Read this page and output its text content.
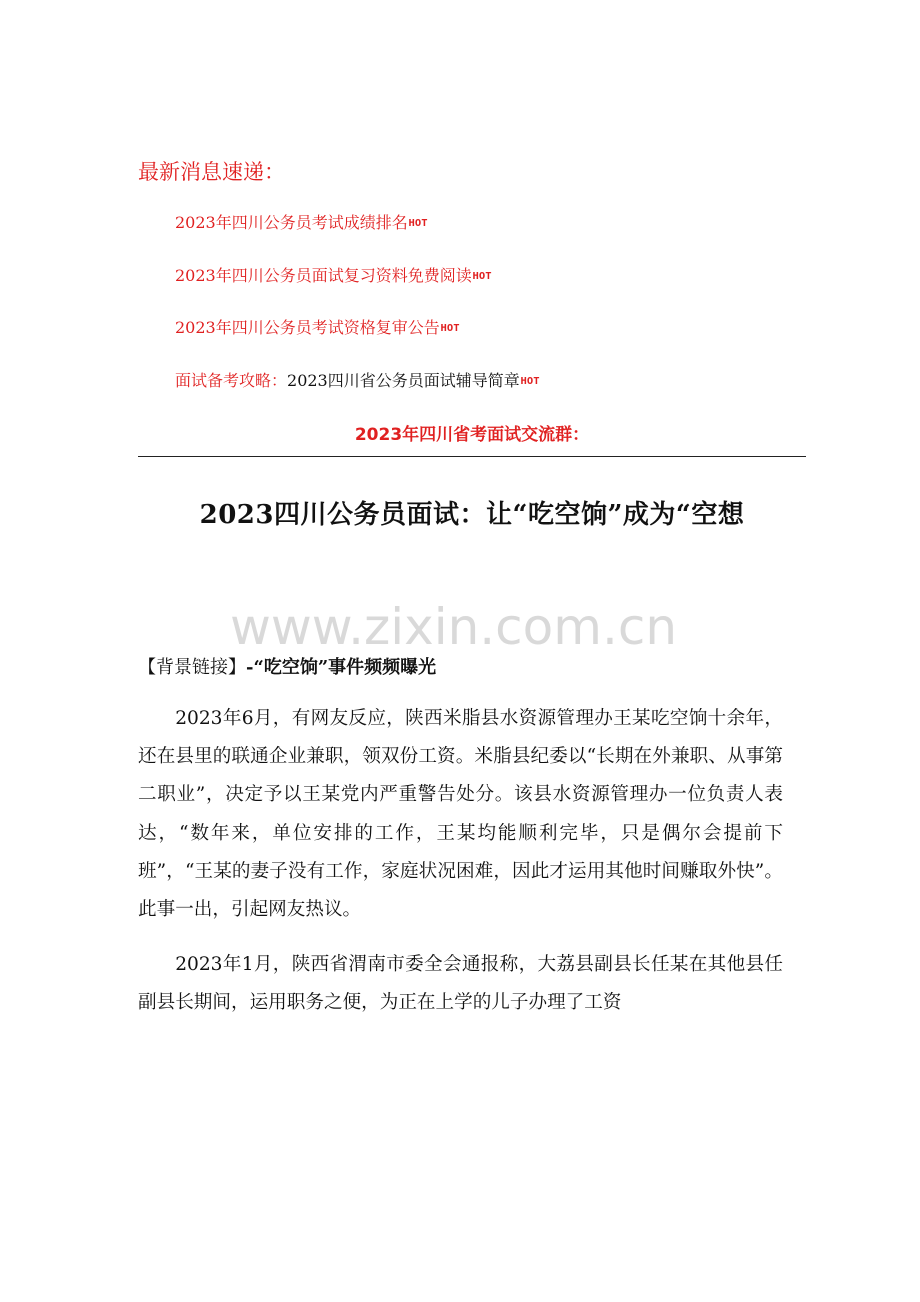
最新消息速递：
2023年四川公务员考试成绩排名HOT
2023年四川公务员面试复习资料免费阅读HOT
2023年四川公务员考试资格复审公告HOT
面试备考攻略：2023四川省公务员面试辅导简章HOT
2023年四川省考面试交流群：
2023四川公务员面试：让“吃空饷”成为“空想
www.zixin.com.cn
【背景链接】-“吃空饷”事件频频曝光

2023年6月，有网友反应，陕西米脂县水资源管理办王某吃空饷十余年，还在县里的联通企业兼职，领双份工资。米脂县纪委以“长期在外兼职、从事第二职业”，决定予以王某党内严重警告处分。该县水资源管理办一位负责人表达，“数年来，单位安排的工作，王某均能顺利完毕，只是偶尔会提前下班”，“王某的妻子没有工作，家庭状况困难，因此才运用其他时间赚取外快”。此事一出，引起网友热议。

2023年1月，陕西省渭南市委全会通报称，大荔县副县长任某在其他县任副县长期间，运用职务之便，为正在上学的儿子办理了工资
